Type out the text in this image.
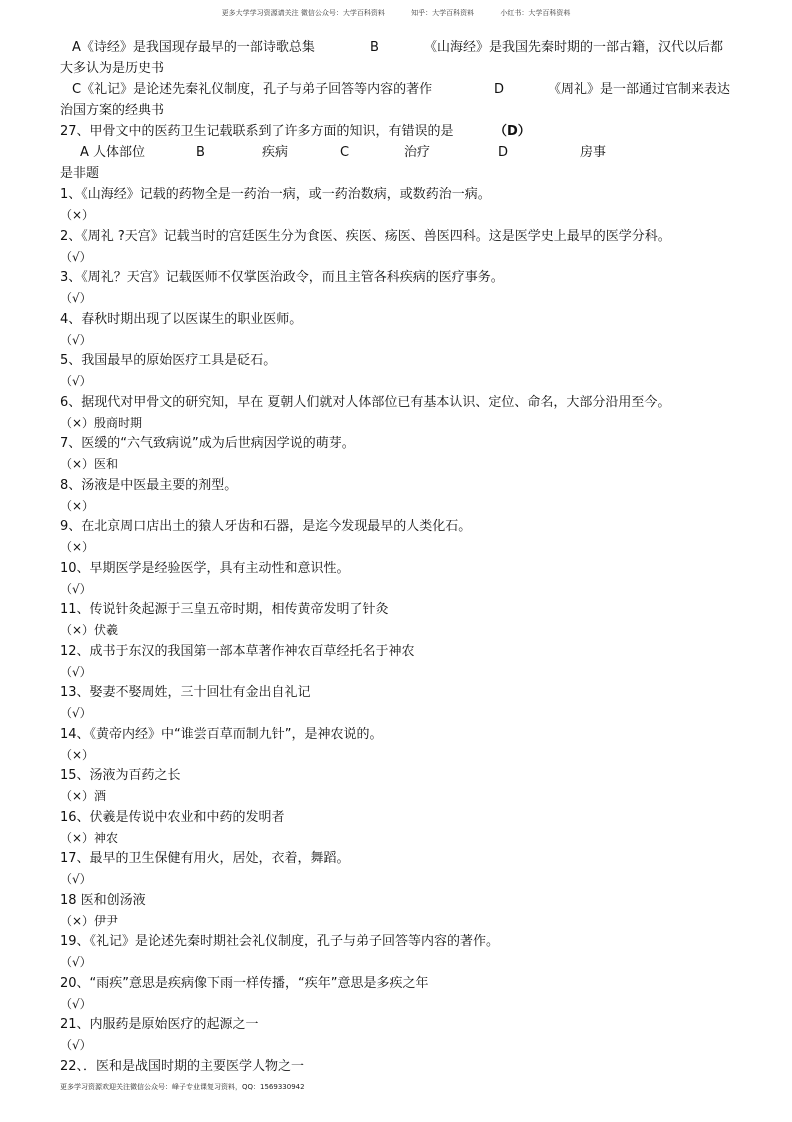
更多大学学习资源请关注 微信公众号：大学百科资料	知乎：大学百科资料	小红书：大学百科资料
A《诗经》是我国现存最早的一部诗歌总集	B	《山海经》是我国先秦时期的一部古籍，汉代以后都
大多认为是历史书
C《礼记》是论述先秦礼仪制度，孔子与弟子回答等内容的著作	D	《周礼》是一部通过官制来表达
治国方案的经典书
27、甲骨文中的医药卫生记载联系到了许多方面的知识，有错误的是	（D）
A 人体部位	B	疾病	C	治疗	D	房事
是非题
1、《山海经》记载的药物全是一药治一病，或一药治数病，或数药治一病。
（×）
2、《周礼 ?天宫》记载当时的宫廷医生分为食医、疾医、疡医、兽医四科。这是医学史上最早的医学分科。
（√）
3、《周礼？天宫》记载医师不仅掌医治政令，而且主管各科疾病的医疗事务。
（√）
4、春秋时期出现了以医谋生的职业医师。
（√）
5、我国最早的原始医疗工具是砭石。
（√）
6、据现代对甲骨文的研究知，早在 夏朝人们就对人体部位已有基本认识、定位、命名，大部分沿用至今。
（×）殷商时期
7、医缓的“六气致病说”成为后世病因学说的萌芽。
（×）医和
8、汤液是中医最主要的剂型。
（×）
9、在北京周口店出土的猿人牙齿和石器，是迄今发现最早的人类化石。
（×）
10、早期医学是经验医学，具有主动性和意识性。
（√）
11、传说针灸起源于三皇五帝时期，相传黄帝发明了针灸
（×）伏羲
12、成书于东汉的我国第一部本草著作神农百草经托名于神农
（√）
13、娶妻不娶周姓，三十回壮有金出自礼记
（√）
14、《黄帝内经》中“谁尝百草而制九针”，是神农说的。
（×）
15、汤液为百药之长
（×）酒
16、伏羲是传说中农业和中药的发明者
（×）神农
17、最早的卫生保健有用火，居处，衣着，舞蹈。
（√）
18 医和创汤液
（×）伊尹
19、《礼记》是论述先秦时期社会礼仪制度，孔子与弟子回答等内容的著作。
（√）
20、“雨疾”意思是疾病像下雨一样传播，“疾年”意思是多疾之年
（√）
21、内服药是原始医疗的起源之一
（√）
22、．医和是战国时期的主要医学人物之一
更多学习资源欢迎关注微信公众号：峰子专业课复习资料，QQ：1569330942
